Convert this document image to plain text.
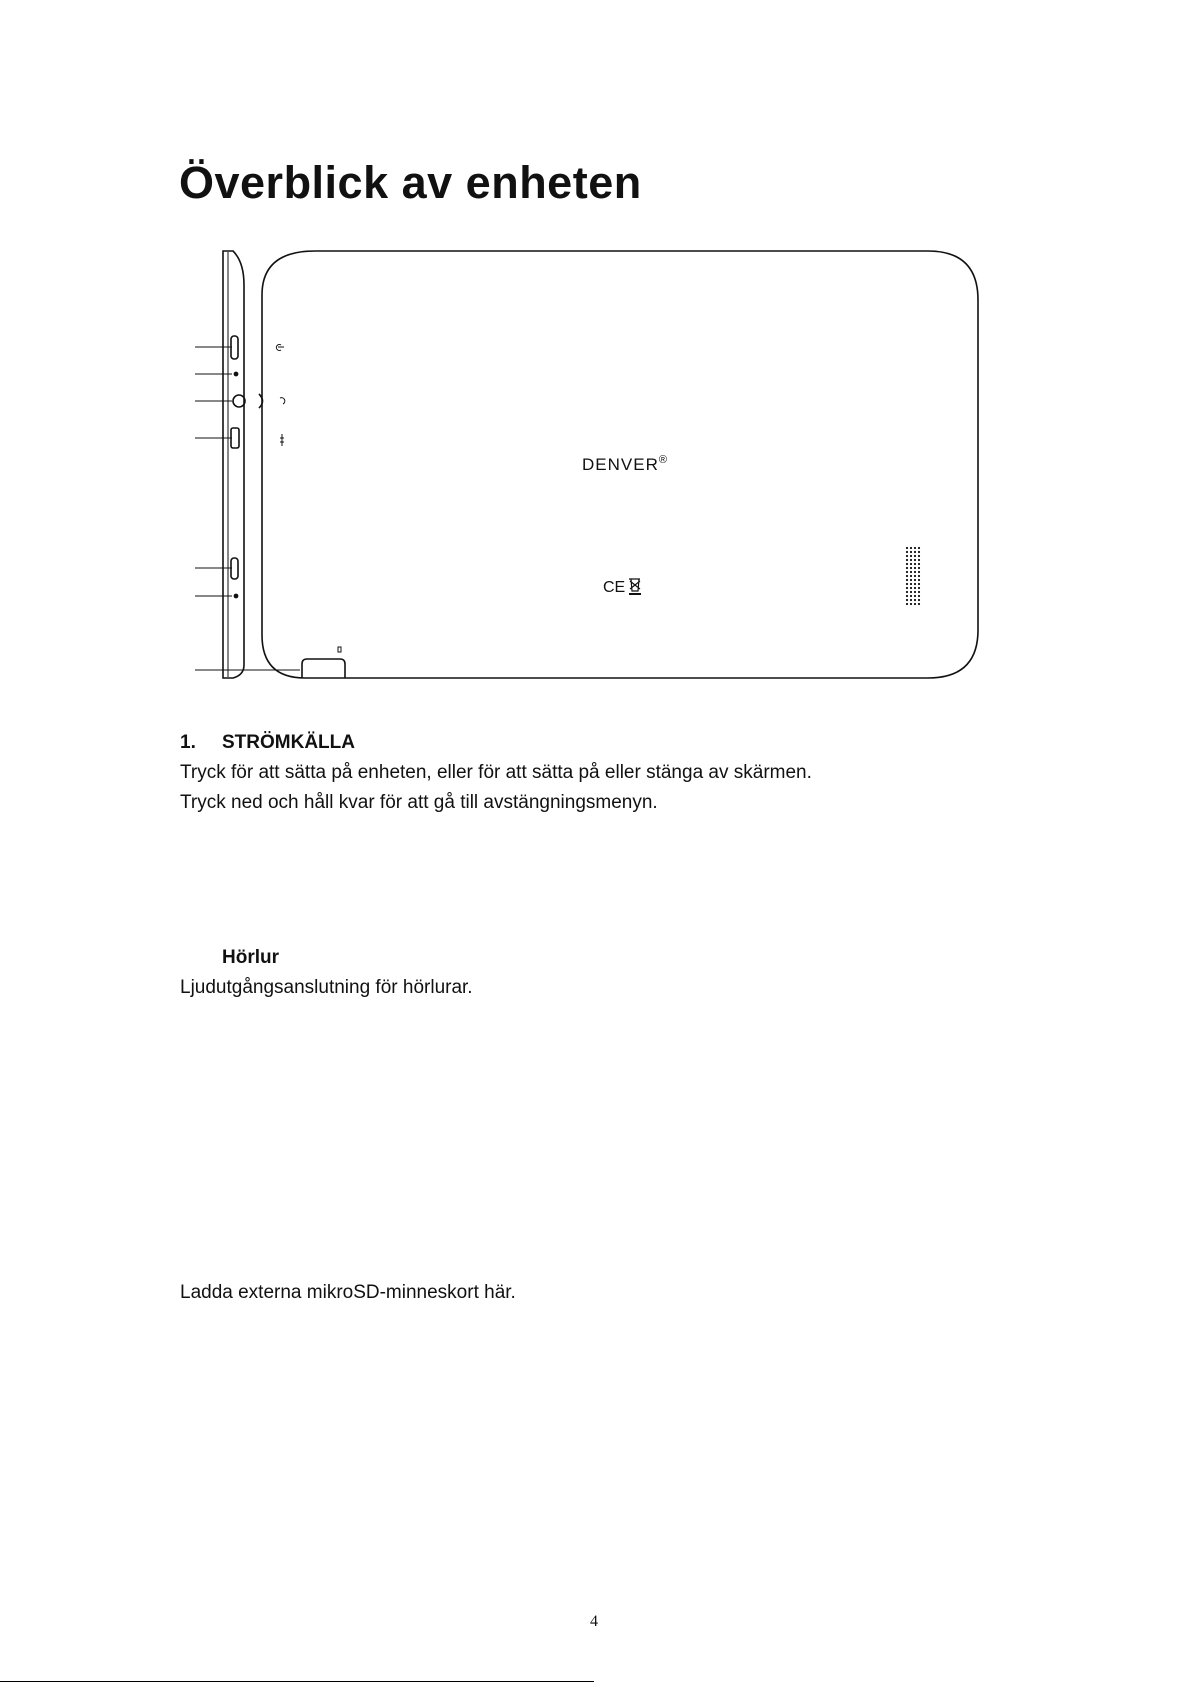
Överblick av enheten
DENVER®
CE
1. STRÖMKÄLLA
Tryck för att sätta på enheten, eller för att sätta på eller stänga av skärmen.
Tryck ned och håll kvar för att gå till avstängningsmenyn.
Hörlur
Ljudutgångsanslutning för hörlurar.
Ladda externa mikroSD-minneskort här.
4
